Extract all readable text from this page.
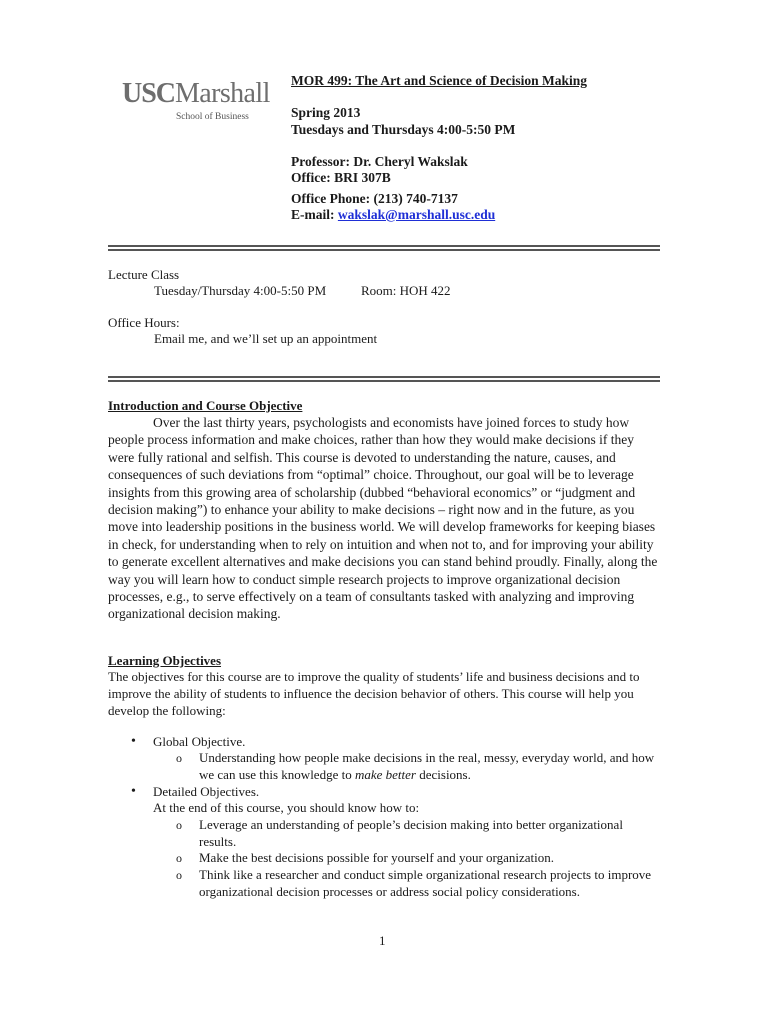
USCMarshall
School of Business
MOR 499: The Art and Science of Decision Making
Spring 2013
Tuesdays and Thursdays 4:00-5:50 PM
Professor: Dr. Cheryl Wakslak
Office: BRI 307B
Office Phone: (213) 740-7137
E-mail: wakslak@marshall.usc.edu
Lecture Class
Tuesday/Thursday 4:00-5:50 PM	Room: HOH 422
Office Hours:
Email me, and we’ll set up an appointment
Introduction and Course Objective

Over the last thirty years, psychologists and economists have joined forces to study how people process information and make choices, rather than how they would make decisions if they were fully rational and selfish. This course is devoted to understanding the nature, causes, and consequences of such deviations from “optimal” choice. Throughout, our goal will be to leverage insights from this growing area of scholarship (dubbed “behavioral economics” or “judgment and decision making”) to enhance your ability to make decisions – right now and in the future, as you move into leadership positions in the business world. We will develop frameworks for keeping biases in check, for understanding when to rely on intuition and when not to, and for improving your ability to generate excellent alternatives and make decisions you can stand behind proudly. Finally, along the way you will learn how to conduct simple research projects to improve organizational decision processes, e.g., to serve effectively on a team of consultants tasked with analyzing and improving organizational decision making.

Learning Objectives

The objectives for this course are to improve the quality of students’ life and business decisions and to improve the ability of students to influence the decision behavior of others. This course will help you develop the following:

• Global Objective.
o Understanding how people make decisions in the real, messy, everyday world, and how we can use this knowledge to make better decisions.
• Detailed Objectives.
At the end of this course, you should know how to:
o Leverage an understanding of people’s decision making into better organizational results.
o Make the best decisions possible for yourself and your organization.
o Think like a researcher and conduct simple organizational research projects to improve organizational decision processes or address social policy considerations.
1
